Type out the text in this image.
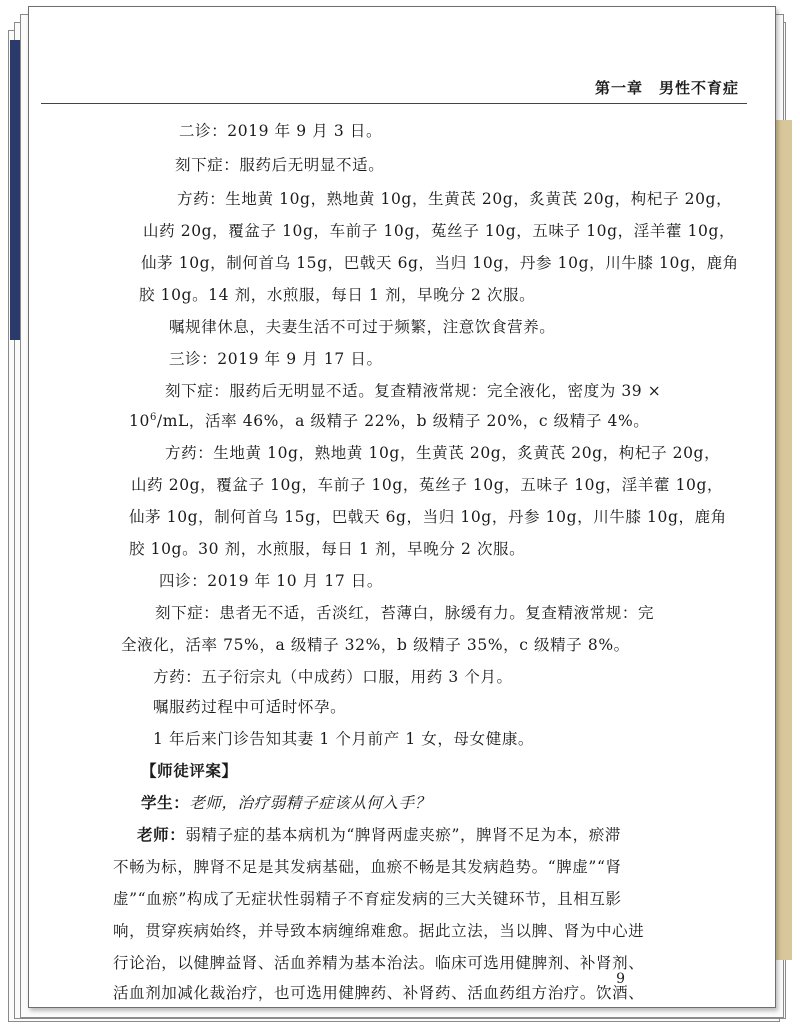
第一章　男性不育症
二诊：2019 年 9 月 3 日。
刻下症：服药后无明显不适。
方药：生地黄 10g，熟地黄 10g，生黄芪 20g，炙黄芪 20g，枸杞子 20g，
山药 20g，覆盆子 10g，车前子 10g，菟丝子 10g，五味子 10g，淫羊藿 10g，
仙茅 10g，制何首乌 15g，巴戟天 6g，当归 10g，丹参 10g，川牛膝 10g，鹿角
胶 10g。14 剂，水煎服，每日 1 剂，早晚分 2 次服。
嘱规律休息，夫妻生活不可过于频繁，注意饮食营养。
三诊：2019 年 9 月 17 日。
刻下症：服药后无明显不适。复查精液常规：完全液化，密度为 39 ×
$10^6/mL$，活率 46%，a 级精子 22%，b 级精子 20%，c 级精子 4%。
方药：生地黄 10g，熟地黄 10g，生黄芪 20g，炙黄芪 20g，枸杞子 20g，
山药 20g，覆盆子 10g，车前子 10g，菟丝子 10g，五味子 10g，淫羊藿 10g，
仙茅 10g，制何首乌 15g，巴戟天 6g，当归 10g，丹参 10g，川牛膝 10g，鹿角
胶 10g。30 剂，水煎服，每日 1 剂，早晚分 2 次服。
四诊：2019 年 10 月 17 日。
刻下症：患者无不适，舌淡红，苔薄白，脉缓有力。复查精液常规：完
全液化，活率 75%，a 级精子 32%，b 级精子 35%，c 级精子 8%。
方药：五子衍宗丸（中成药）口服，用药 3 个月。
嘱服药过程中可适时怀孕。
1 年后来门诊告知其妻 1 个月前产 1 女，母女健康。
【师徒评案】
学生：老师，治疗弱精子症该从何入手？
老师：弱精子症的基本病机为“脾肾两虚夹瘀”，脾肾不足为本，瘀滞
不畅为标，脾肾不足是其发病基础，血瘀不畅是其发病趋势。“脾虚”“肾
虚”“血瘀”构成了无症状性弱精子不育症发病的三大关键环节，且相互影
响，贯穿疾病始终，并导致本病缠绵难愈。据此立法，当以脾、肾为中心进
行论治，以健脾益肾、活血养精为基本治法。临床可选用健脾剂、补肾剂、
活血剂加减化裁治疗，也可选用健脾药、补肾药、活血药组方治疗。饮酒、
9
